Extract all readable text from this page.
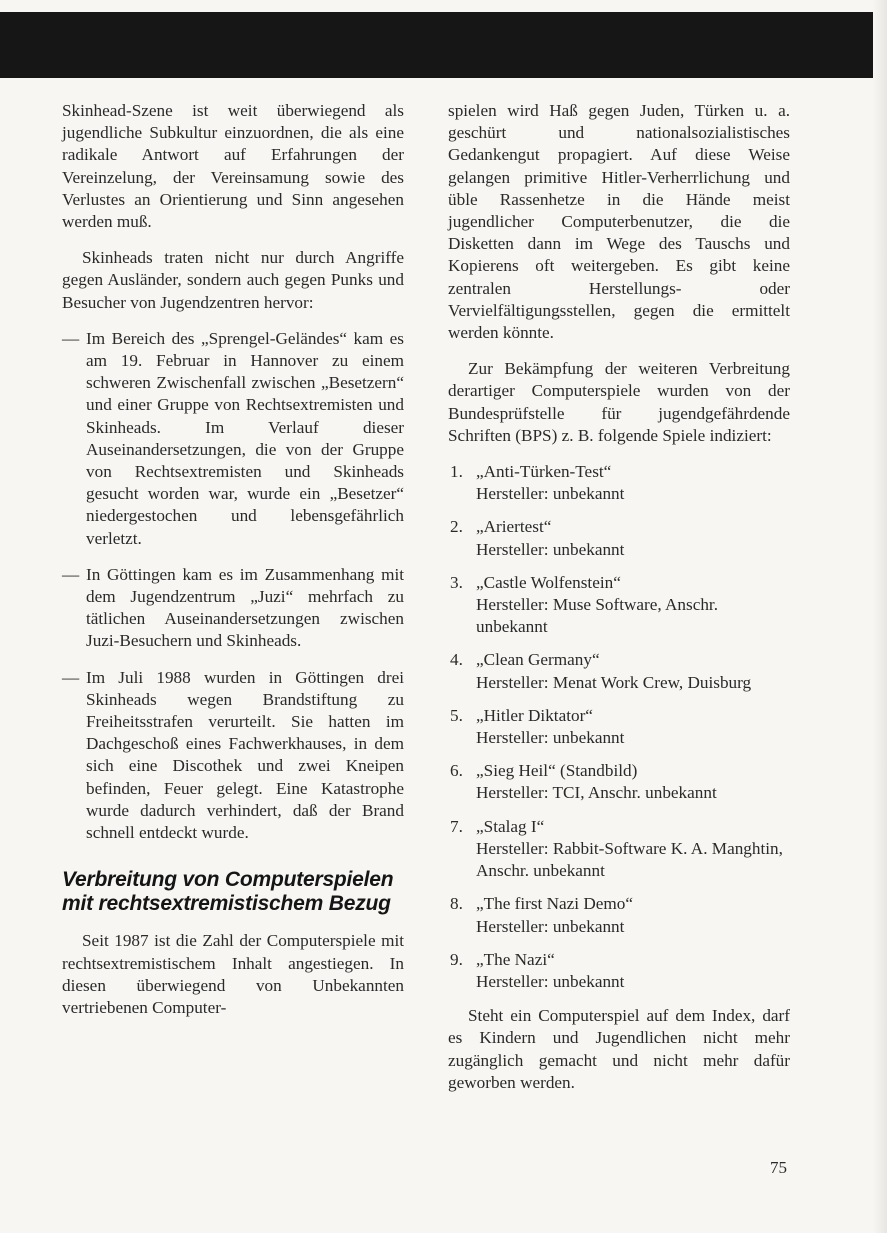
Skinhead-Szene ist weit überwiegend als jugendliche Subkultur einzuordnen, die als eine radikale Antwort auf Erfahrungen der Vereinzelung, der Vereinsamung sowie des Verlustes an Orientierung und Sinn angesehen werden muß.

Skinheads traten nicht nur durch Angriffe gegen Ausländer, sondern auch gegen Punks und Besucher von Jugendzentren hervor:

— Im Bereich des „Sprengel-Geländes“ kam es am 19. Februar in Hannover zu einem schweren Zwischenfall zwischen „Besetzern“ und einer Gruppe von Rechtsextremisten und Skinheads. Im Verlauf dieser Auseinandersetzungen, die von der Gruppe von Rechtsextremisten und Skinheads gesucht worden war, wurde ein „Besetzer“ niedergestochen und lebensgefährlich verletzt.
— In Göttingen kam es im Zusammenhang mit dem Jugendzentrum „Juzi“ mehrfach zu tätlichen Auseinandersetzungen zwischen Juzi-Besuchern und Skinheads.
— Im Juli 1988 wurden in Göttingen drei Skinheads wegen Brandstiftung zu Freiheitsstrafen verurteilt. Sie hatten im Dachgeschoß eines Fachwerkhauses, in dem sich eine Discothek und zwei Kneipen befinden, Feuer gelegt. Eine Katastrophe wurde dadurch verhindert, daß der Brand schnell entdeckt wurde.
Verbreitung von Computerspielen mit rechtsextremistischem Bezug

Seit 1987 ist die Zahl der Computerspiele mit rechtsextremistischem Inhalt angestiegen. In diesen überwiegend von Unbekannten vertriebenen Computer-

spielen wird Haß gegen Juden, Türken u. a. geschürt und nationalsozialistisches Gedankengut propagiert. Auf diese Weise gelangen primitive Hitler-Verherrlichung und üble Rassenhetze in die Hände meist jugendlicher Computerbenutzer, die die Disketten dann im Wege des Tauschs und Kopierens oft weitergeben. Es gibt keine zentralen Herstellungs- oder Vervielfältigungsstellen, gegen die ermittelt werden könnte.

Zur Bekämpfung der weiteren Verbreitung derartiger Computerspiele wurden von der Bundesprüfstelle für jugendgefährdende Schriften (BPS) z. B. folgende Spiele indiziert:

1. „Anti-Türken-Test“
Hersteller: unbekannt
2. „Ariertest“
Hersteller: unbekannt
3. „Castle Wolfenstein“
Hersteller: Muse Software, Anschr. unbekannt
4. „Clean Germany“
Hersteller: Menat Work Crew, Duisburg
5. „Hitler Diktator“
Hersteller: unbekannt
6. „Sieg Heil“ (Standbild)
Hersteller: TCI, Anschr. unbekannt
7. „Stalag I“
Hersteller: Rabbit-Software K. A. Manghtin, Anschr. unbekannt
8. „The first Nazi Demo“
Hersteller: unbekannt
9. „The Nazi“
Hersteller: unbekannt

Steht ein Computerspiel auf dem Index, darf es Kindern und Jugendlichen nicht mehr zugänglich gemacht und nicht mehr dafür geworben werden.

75
